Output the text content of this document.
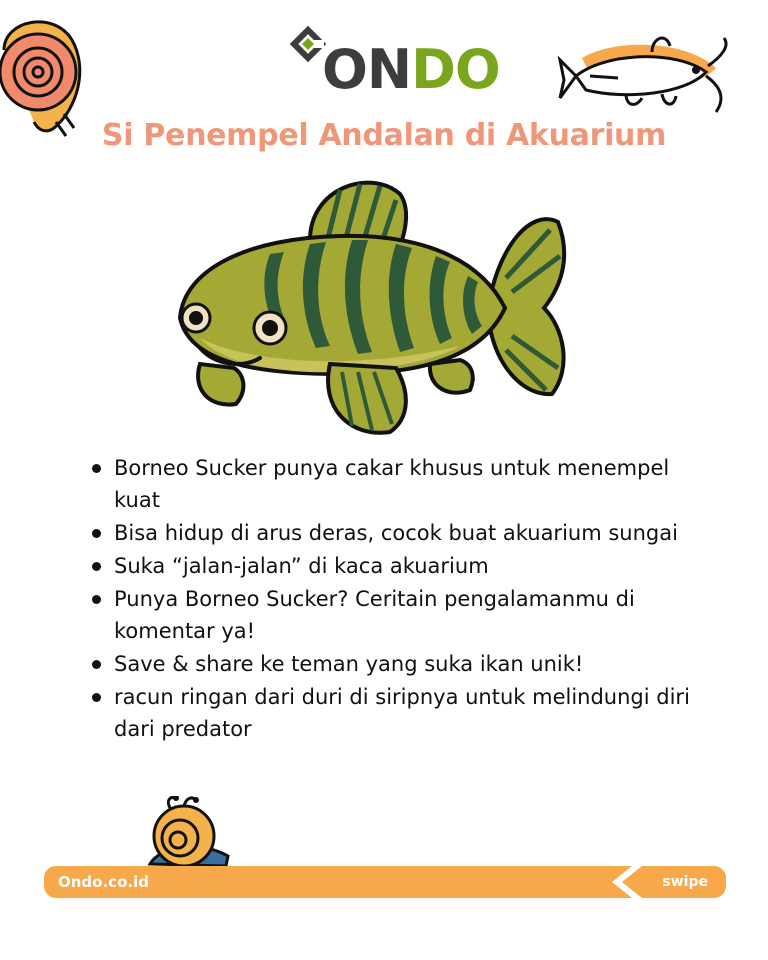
ONDO
Si Penempel Andalan di Akuarium
Borneo Sucker punya cakar khusus untuk menempel kuat
Bisa hidup di arus deras, cocok buat akuarium sungai
Suka “jalan-jalan” di kaca akuarium
Punya Borneo Sucker? Ceritain pengalamanmu di komentar ya!
Save & share ke teman yang suka ikan unik!
racun ringan dari duri di siripnya untuk melindungi diri dari predator
Ondo.co.id	swipe
